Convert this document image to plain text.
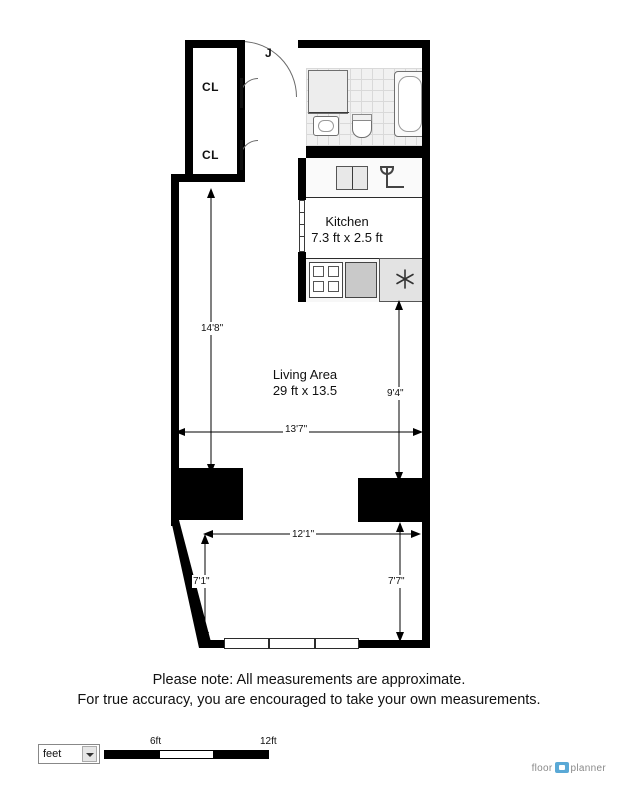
Kitchen
7.3 ft x 2.5 ft
J
CL
CL
Living Area
29 ft x 13.5
14'8"
9'4"
13'7"
12'1"
7'1"	7'7"
Please note: All measurements are approximate.
For true accuracy, you are encouraged to take your own measurements.
feet
6ft	12ft
floor planner
